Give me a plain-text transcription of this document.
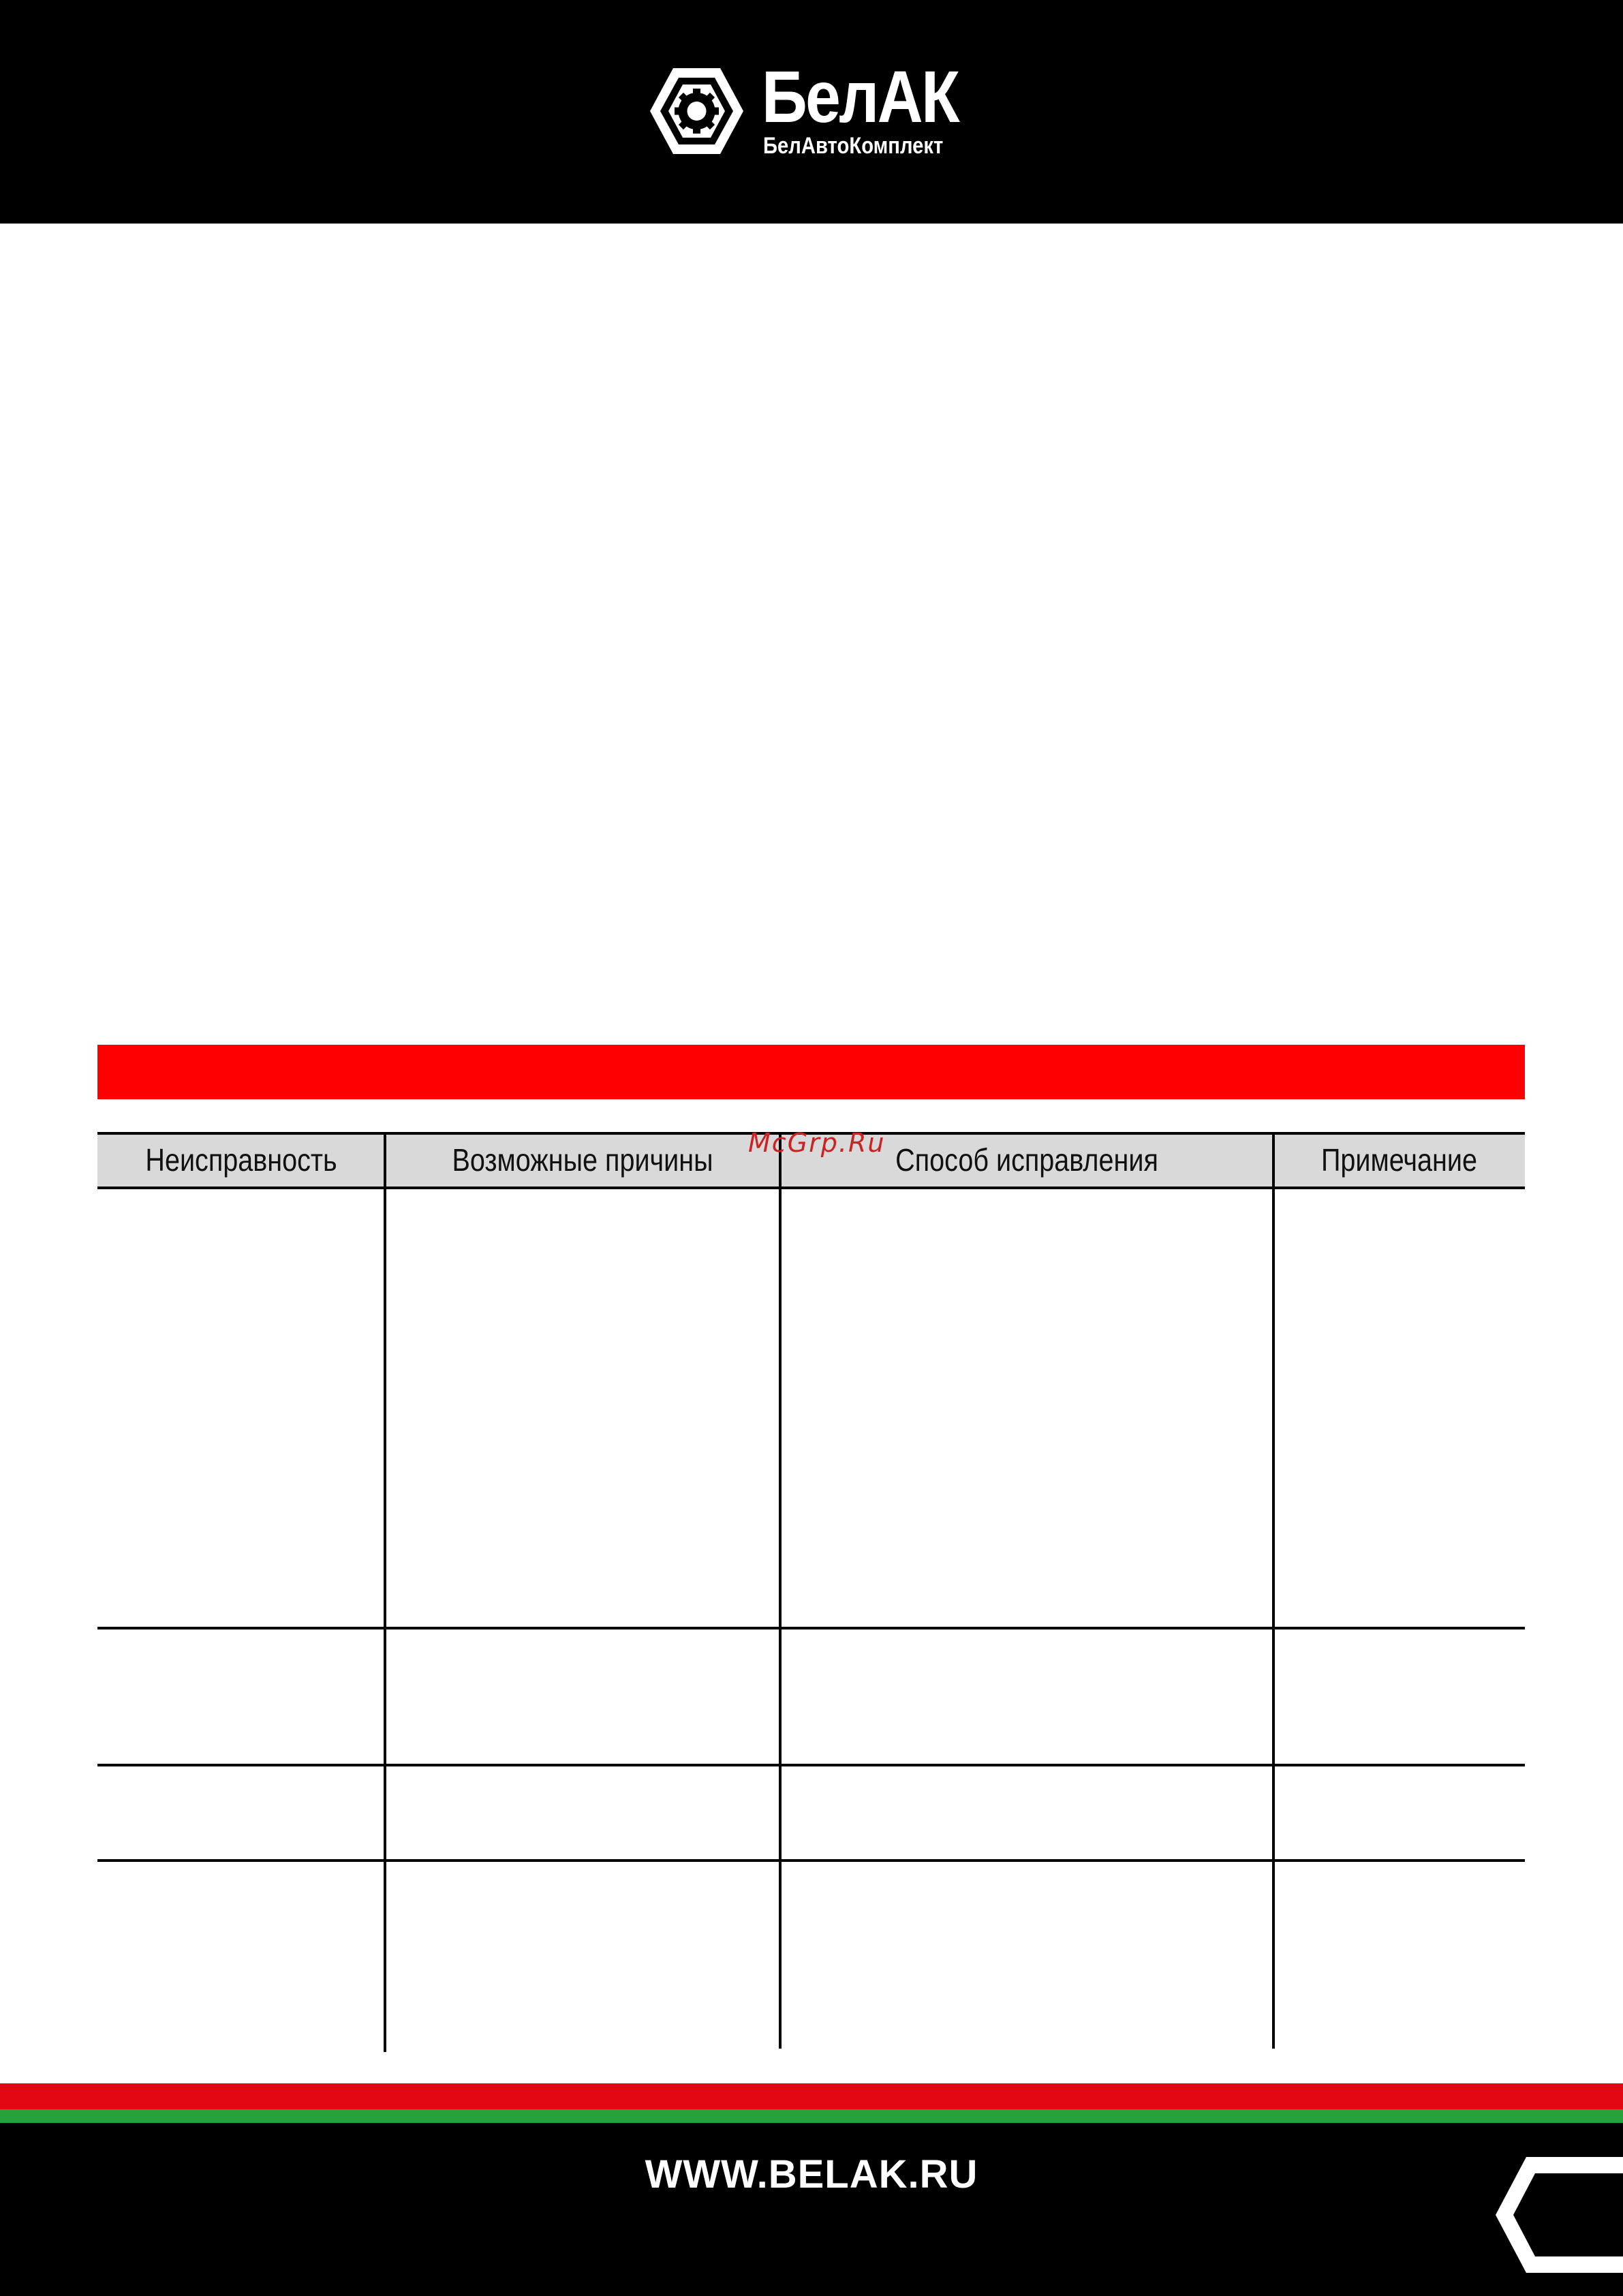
БелАК
БелАвтоКомплект
Неисправность	Возможные причины	Способ исправления	Примечание
McGrp.Ru
WWW.BELAK.RU
